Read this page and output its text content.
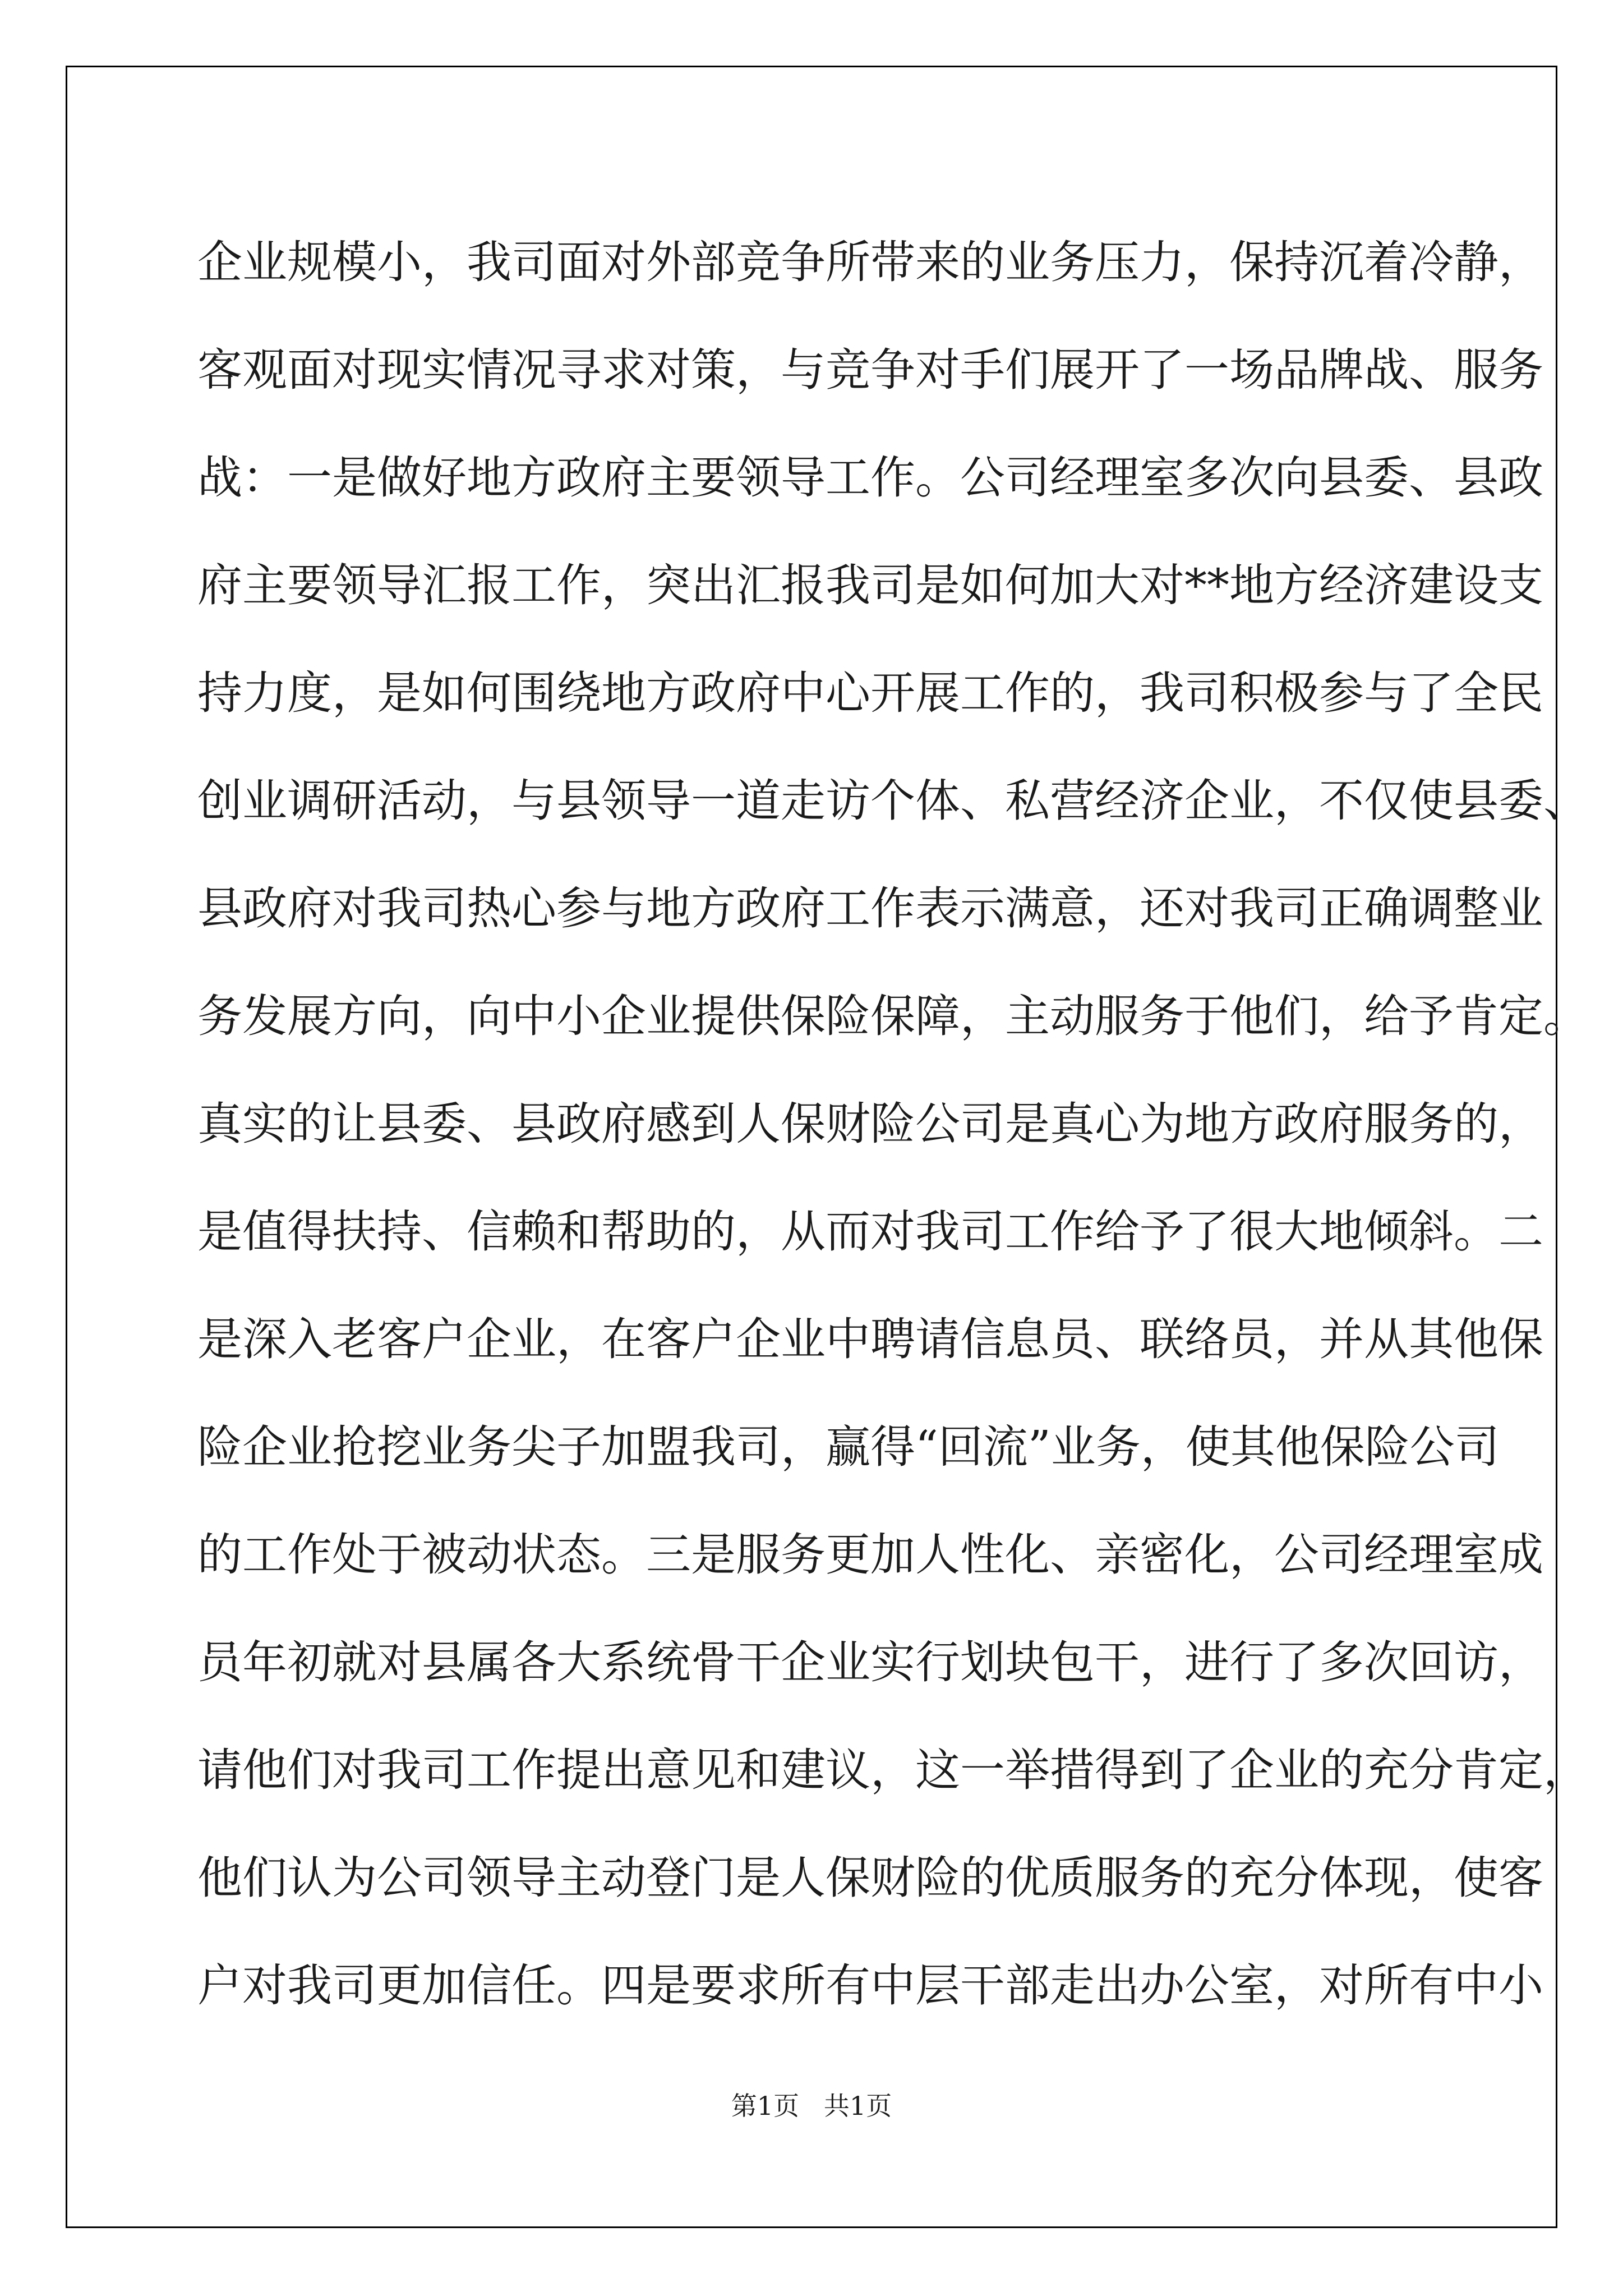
企业规模小，我司面对外部竞争所带来的业务压力，保持沉着冷静，
客观面对现实情况寻求对策，与竞争对手们展开了一场品牌战、服务
战：一是做好地方政府主要领导工作。公司经理室多次向县委、县政
府主要领导汇报工作，突出汇报我司是如何加大对**地方经济建设支
持力度，是如何围绕地方政府中心开展工作的，我司积极参与了全民
创业调研活动，与县领导一道走访个体、私营经济企业，不仅使县委、
县政府对我司热心参与地方政府工作表示满意，还对我司正确调整业
务发展方向，向中小企业提供保险保障，主动服务于他们，给予肯定。
真实的让县委、县政府感到人保财险公司是真心为地方政府服务的，
是值得扶持、信赖和帮助的，从而对我司工作给予了很大地倾斜。二
是深入老客户企业，在客户企业中聘请信息员、联络员，并从其他保
险企业抢挖业务尖子加盟我司，赢得“回流”业务，使其他保险公司
的工作处于被动状态。三是服务更加人性化、亲密化，公司经理室成
员年初就对县属各大系统骨干企业实行划块包干，进行了多次回访，
请他们对我司工作提出意见和建议，这一举措得到了企业的充分肯定，
他们认为公司领导主动登门是人保财险的优质服务的充分体现，使客
户对我司更加信任。四是要求所有中层干部走出办公室，对所有中小
第1页   共1页
